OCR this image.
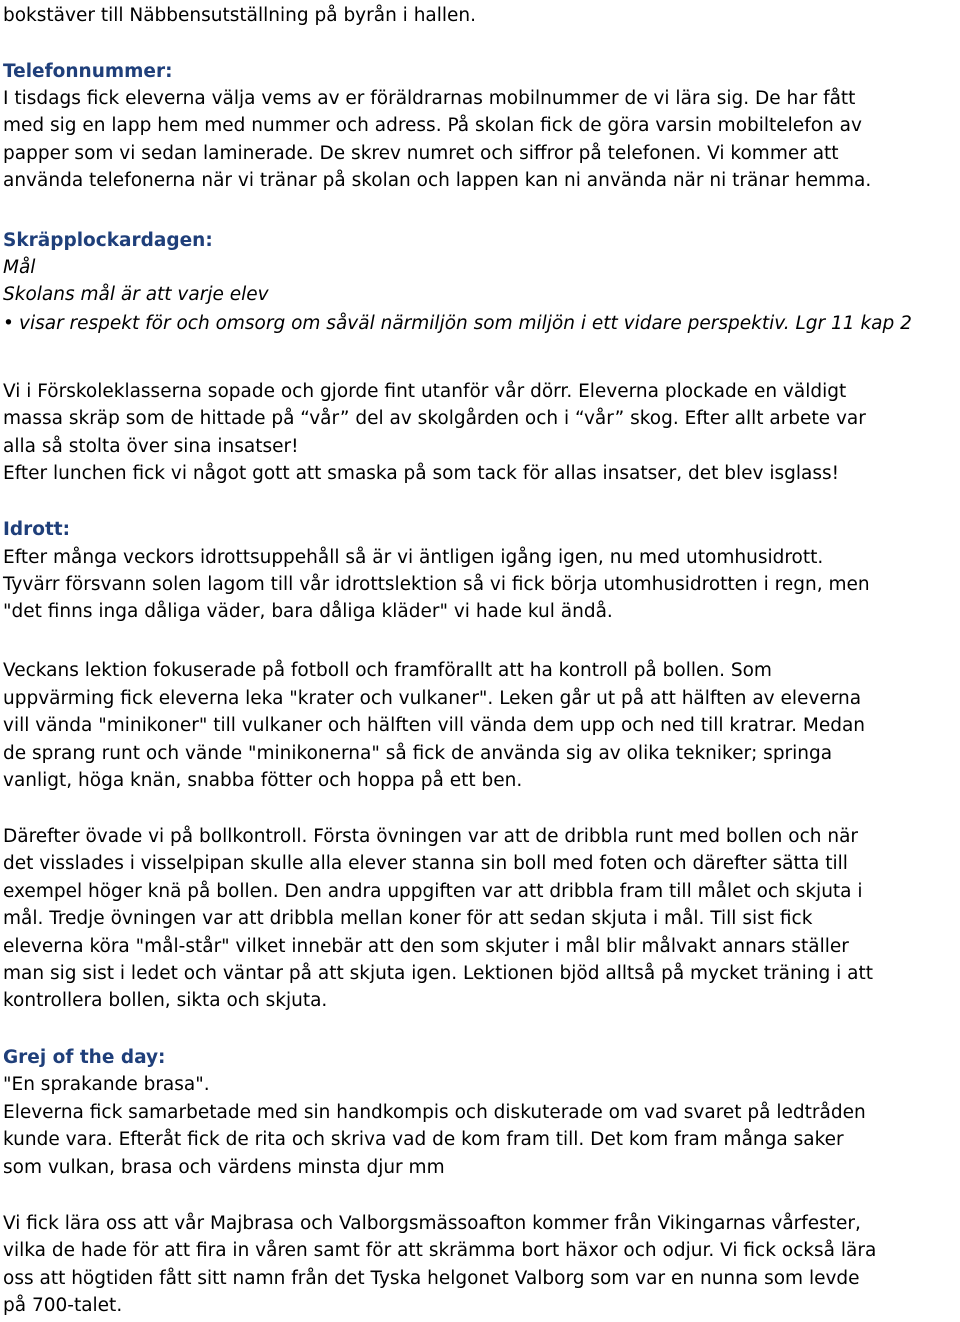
bokstäver till Näbbensutställning på byrån i hallen.
Telefonnummer:
I tisdags fick eleverna välja vems av er föräldrarnas mobilnummer de vi lära sig. De har fått
med sig en lapp hem med nummer och adress. På skolan fick de göra varsin mobiltelefon av
papper som vi sedan laminerade. De skrev numret och siffror på telefonen. Vi kommer att
använda telefonerna när vi tränar på skolan och lappen kan ni använda när ni tränar hemma.
Skräpplockardagen:
Mål
Skolans mål är att varje elev
• visar respekt för och omsorg om såväl närmiljön som miljön i ett vidare perspektiv. Lgr 11 kap 2
Vi i Förskoleklasserna sopade och gjorde fint utanför vår dörr. Eleverna plockade en väldigt
massa skräp som de hittade på “vår” del av skolgården och i “vår” skog. Efter allt arbete var
alla så stolta över sina insatser!
Efter lunchen fick vi något gott att smaska på som tack för allas insatser, det blev isglass!
Idrott:
Efter många veckors idrottsuppehåll så är vi äntligen igång igen, nu med utomhusidrott.
Tyvärr försvann solen lagom till vår idrottslektion så vi fick börja utomhusidrotten i regn, men
"det finns inga dåliga väder, bara dåliga kläder" vi hade kul ändå.
Veckans lektion fokuserade på fotboll och framförallt att ha kontroll på bollen. Som
uppvärming fick eleverna leka "krater och vulkaner". Leken går ut på att hälften av eleverna
vill vända "minikoner" till vulkaner och hälften vill vända dem upp och ned till kratrar. Medan
de sprang runt och vände "minikonerna" så fick de använda sig av olika tekniker; springa
vanligt, höga knän, snabba fötter och hoppa på ett ben.
Därefter övade vi på bollkontroll. Första övningen var att de dribbla runt med bollen och när
det visslades i visselpipan skulle alla elever stanna sin boll med foten och därefter sätta till
exempel höger knä på bollen. Den andra uppgiften var att dribbla fram till målet och skjuta i
mål. Tredje övningen var att dribbla mellan koner för att sedan skjuta i mål. Till sist fick
eleverna köra "mål-står" vilket innebär att den som skjuter i mål blir målvakt annars ställer
man sig sist i ledet och väntar på att skjuta igen. Lektionen bjöd alltså på mycket träning i att
kontrollera bollen, sikta och skjuta.
Grej of the day:
"En sprakande brasa".
Eleverna fick samarbetade med sin handkompis och diskuterade om vad svaret på ledtråden
kunde vara. Efteråt fick de rita och skriva vad de kom fram till. Det kom fram många saker
som vulkan, brasa och värdens minsta djur mm
Vi fick lära oss att vår Majbrasa och Valborgsmässoafton kommer från Vikingarnas vårfester,
vilka de hade för att fira in våren samt för att skrämma bort häxor och odjur. Vi fick också lära
oss att högtiden fått sitt namn från det Tyska helgonet Valborg som var en nunna som levde
på 700-talet.
